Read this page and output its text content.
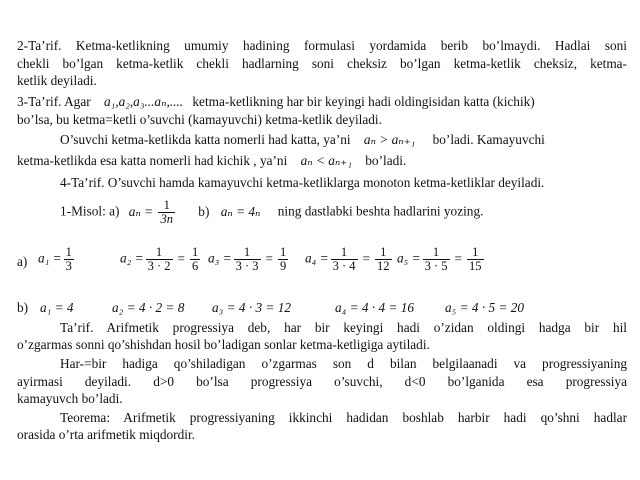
2-Ta’rif. Ketma-ketlikning umumiy hadining formulasi yordamida berib bo’lmaydi. Hadlai soni
chekli bo’lgan ketma-ketlik chekli hadlarning soni cheksiz bo’lgan ketma-ketlik cheksiz, ketma-
ketlik deyiladi.
3-Ta’rif. Agar a₁,a₂,a₃...aₙ,.... ketma-ketlikning har bir keyingi hadi oldingisidan katta (kichik)
bo’lsa, bu ketma=ketli o’suvchi (kamayuvchi) ketma-ketlik deyiladi.
O’suvchi ketma-ketlikda katta nomerli had katta, ya’ni aₙ > aₙ₊₁ bo’ladi. Kamayuvchi
ketma-ketlikda esa katta nomerli had kichik , ya’ni aₙ < aₙ₊₁ bo’ladi.
4-Ta’rif. O’suvchi hamda kamayuvchi ketma-ketliklarga monoton ketma-ketliklar deyiladi.
1-Misol: a) $a_n = \frac{1}{3n} b$) aₙ = 4ₙ ning dastlabki beshta hadlarini yozing.
a) $a_1 = \frac{1}{3}$	$a_2 = \frac{1}{3 \cdot 2} = \frac{1}{6} a_3 = \frac{1}{3 \cdot 3} = \frac{1}{9} a_4 = \frac{1}{3 \cdot 4} = \frac{1}{12} a_5 = \frac{1}{3 \cdot 5} = \frac{1}{15}$
b) a₁ = 4	a₂ = 4 · 2 = 8 a₃ = 4 · 3 = 12	a₄ = 4 · 4 = 16 a₅ = 4 · 5 = 20
Ta’rif. Arifmetik progressiya deb, har bir keyingi hadi o’zidan oldingi hadga bir hil
o’zgarmas sonni qo’shishdan hosil bo’ladigan sonlar ketma-ketligiga aytiladi.
Har-=bir hadiga qo’shiladigan o’zgarmas son d bilan belgilaanadi va progressiyaning
ayirmasi deyiladi. d>0 bo’lsa progressiya o’suvchi, d<0 bo’lganida esa progressiya
kamayuvch bo’ladi.
Teorema: Arifmetik progressiyaning ikkinchi hadidan boshlab harbir hadi qo’shni hadlar
orasida o’rta arifmetik miqdordir.
